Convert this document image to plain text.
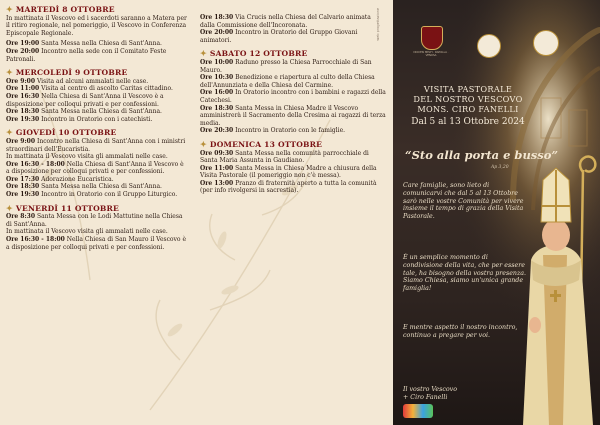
web progettazione
✦ MARTEDÌ 8 OTTOBRE
In mattinata il Vescovo ed i sacerdoti saranno a Matera per il ritiro regionale, nel pomeriggio, il Vescovo in Conferenza Episcopale Regionale.
Ore 19:00 Santa Messa nella Chiesa di Sant'Anna.
Ore 20:00 Incontro nella sede con il Comitato Feste Patronali.
✦ MERCOLEDÌ 9 OTTOBRE
Ore 9:00 Visita ad alcuni ammalati nelle case.
Ore 11:00 Visita al centro di ascolto Caritas cittadino.
Ore 16:30 Nella Chiesa di Sant'Anna il Vescovo è a disposizione per colloqui privati e per confessioni.
Ore 18:30 Santa Messa nella Chiesa di Sant'Anna.
Ore 19:30 Incontro in Oratorio con i catechisti.
✦ GIOVEDÌ 10 OTTOBRE
Ore 9:00 Incontro nella Chiesa di Sant'Anna con i ministri straordinari dell'Eucaristia.
In mattinata il Vescovo visita gli ammalati nelle case.
Ore 16:30 - 18:00 Nella Chiesa di Sant'Anna il Vescovo è a disposizione per colloqui privati e per confessioni.
Ore 17:30 Adorazione Eucaristica.
Ore 18:30 Santa Messa nella Chiesa di Sant'Anna.
Ore 19:30 Incontro in Oratorio con il Gruppo Liturgico.
✦ VENERDÌ 11 OTTOBRE
Ore 8:30 Santa Messa con le Lodi Mattutine nella Chiesa di Sant'Anna.
In mattinata il Vescovo visita gli ammalati nelle case.
Ore 16:30 - 18:00 Nella Chiesa di San Mauro il Vescovo è a disposizione per colloqui privati e per confessioni.
Ore 18:30 Via Crucis nella Chiesa del Calvario animata dalla Commissione dell'Incoronata.
Ore 20:00 Incontro in Oratorio del Gruppo Giovani animatori.
✦ SABATO 12 OTTOBRE
Ore 10:00 Raduno presso la Chiesa Parrocchiale di San Mauro.
Ore 10:30 Benedizione e riapertura al culto della Chiesa dell'Annunziata e della Chiesa del Carmine.
Ore 16:00 In Oratorio incontro con i bambini e ragazzi della Catechesi.
Ore 18:30 Santa Messa in Chiesa Madre il Vescovo amministrerà il Sacramento della Cresima ai ragazzi di terza media.
Ore 20:30 Incontro in Oratorio con le famiglie.
✦ DOMENICA 13 OTTOBRE
Ore 09:30 Santa Messa nella comunità parrocchiale di Santa Maria Assunta in Gaudiano.
Ore 11:00 Santa Messa in Chiesa Madre a chiusura della Visita Pastorale (il pomeriggio non c'è messa).
Ore 13:00 Pranzo di fraternità aperto a tutta la comunità (per info rivolgersi in sacrestia).
DIOCESI MELFI · RAPOLLA · VENOSA
VISITA PASTORALE
DEL NOSTRO VESCOVO
MONS. CIRO FANELLI
Dal 5 al 13 Ottobre 2024
“Sto alla porta e busso”
Ap 3,20
Care famiglie, sono lieto di comunicarvi che dal 5 al 13 Ottobre sarò nelle vostre Comunità per vivere insieme il tempo di grazia della Visita Pastorale.
È un semplice momento di condivisione della vita, che per essere tale, ha bisogno della vostra presenza. Siamo Chiesa, siamo un'unica grande famiglia!
E mentre aspetto il nostro incontro, continuo a pregare per voi.
Il vostro Vescovo
+ Ciro Fanelli
